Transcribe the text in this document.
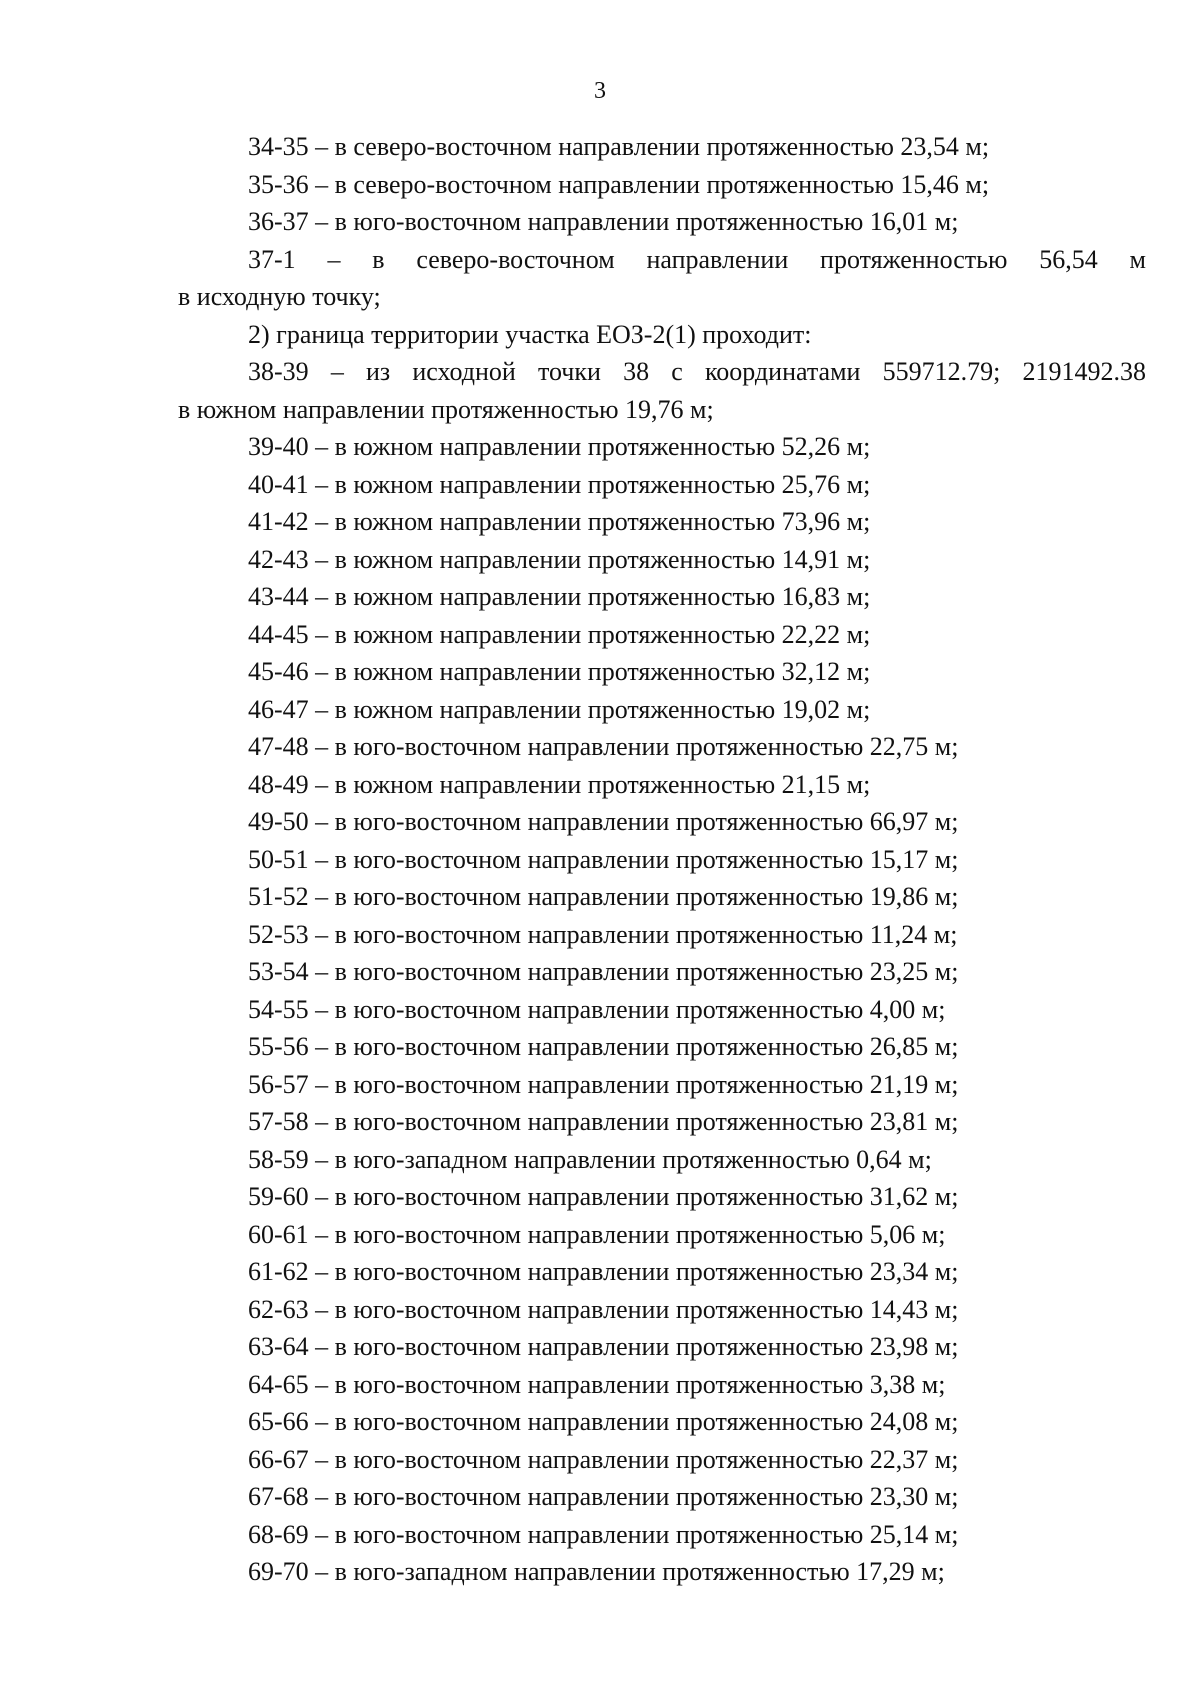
3

34-35 – в северо-восточном направлении протяженностью 23,54 м;

35-36 – в северо-восточном направлении протяженностью 15,46 м;

36-37 – в юго-восточном направлении протяженностью 16,01 м;

37-1 – в северо-восточном направлении протяженностью 56,54 м

в исходную точку;

2) граница территории участка ЕОЗ-2(1) проходит:

38-39 – из исходной точки 38 с координатами 559712.79; 2191492.38

в южном направлении протяженностью 19,76 м;

39-40 – в южном направлении протяженностью 52,26 м;

40-41 – в южном направлении протяженностью 25,76 м;

41-42 – в южном направлении протяженностью 73,96 м;

42-43 – в южном направлении протяженностью 14,91 м;

43-44 – в южном направлении протяженностью 16,83 м;

44-45 – в южном направлении протяженностью 22,22 м;

45-46 – в южном направлении протяженностью 32,12 м;

46-47 – в южном направлении протяженностью 19,02 м;

47-48 – в юго-восточном направлении протяженностью 22,75 м;

48-49 – в южном направлении протяженностью 21,15 м;

49-50 – в юго-восточном направлении протяженностью 66,97 м;

50-51 – в юго-восточном направлении протяженностью 15,17 м;

51-52 – в юго-восточном направлении протяженностью 19,86 м;

52-53 – в юго-восточном направлении протяженностью 11,24 м;

53-54 – в юго-восточном направлении протяженностью 23,25 м;

54-55 – в юго-восточном направлении протяженностью 4,00 м;

55-56 – в юго-восточном направлении протяженностью 26,85 м;

56-57 – в юго-восточном направлении протяженностью 21,19 м;

57-58 – в юго-восточном направлении протяженностью 23,81 м;

58-59 – в юго-западном направлении протяженностью 0,64 м;

59-60 – в юго-восточном направлении протяженностью 31,62 м;

60-61 – в юго-восточном направлении протяженностью 5,06 м;

61-62 – в юго-восточном направлении протяженностью 23,34 м;

62-63 – в юго-восточном направлении протяженностью 14,43 м;

63-64 – в юго-восточном направлении протяженностью 23,98 м;

64-65 – в юго-восточном направлении протяженностью 3,38 м;

65-66 – в юго-восточном направлении протяженностью 24,08 м;

66-67 – в юго-восточном направлении протяженностью 22,37 м;

67-68 – в юго-восточном направлении протяженностью 23,30 м;

68-69 – в юго-восточном направлении протяженностью 25,14 м;

69-70 – в юго-западном направлении протяженностью 17,29 м;
